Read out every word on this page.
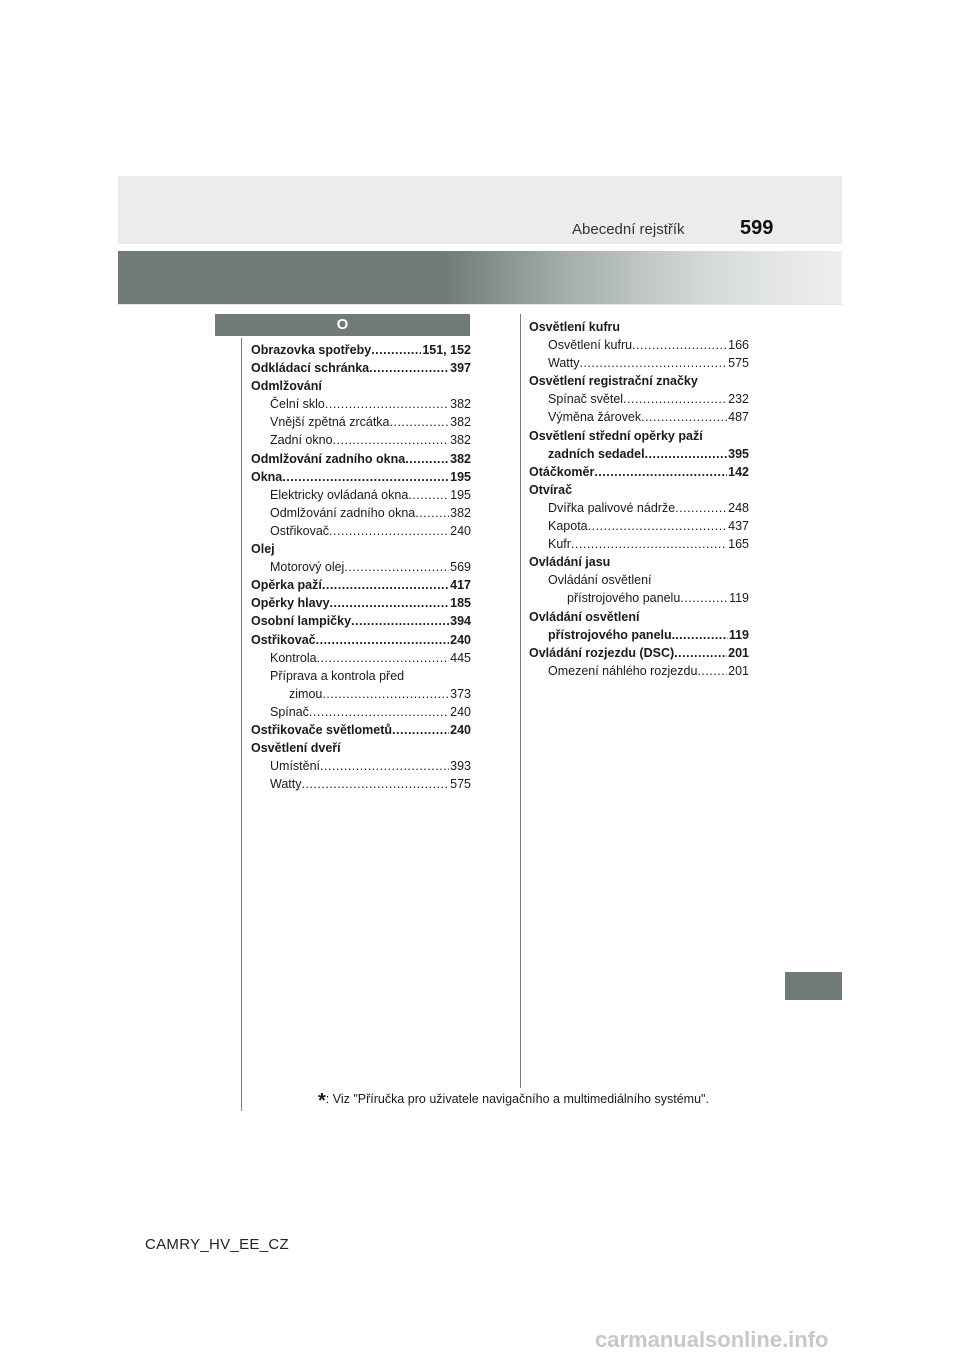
Abecední rejstřík	599
O
Obrazovka spotřeby .....	151, 152
Odkládací schránka .....	397
Odmlžování
Čelní sklo .....	382
Vnější zpětná zrcátka .....	382
Zadní okno .....	382
Odmlžování zadního okna .....	382
Okna .....	195
Elektricky ovládaná okna .....	195
Odmlžování zadního okna .....	382
Ostřikovač .....	240
Olej
Motorový olej .....	569
Opěrka paží .....	417
Opěrky hlavy .....	185
Osobní lampičky .....	394
Ostřikovač .....	240
Kontrola .....	445
Příprava a kontrola před
zimou .....	373
Spínač .....	240
Ostřikovače světlometů .....	240
Osvětlení dveří
Umístění .....	393
Watty .....	575
Osvětlení kufru
Osvětlení kufru .....	166
Watty .....	575
Osvětlení registrační značky
Spínač světel .....	232
Výměna žárovek .....	487
Osvětlení střední opěrky paží
zadních sedadel .....	395
Otáčkoměr .....	142
Otvírač
Dvířka palivové nádrže .....	248
Kapota .....	437
Kufr .....	165
Ovládání jasu
Ovládání osvětlení
přístrojového panelu .....	119
Ovládání osvětlení
přístrojového panelu. .....	119
Ovládání rozjezdu (DSC) .....	201
Omezení náhlého rozjezdu ..... 201
*: Viz "Příručka pro uživatele navigačního a multimediálního systému".
CAMRY_HV_EE_CZ
carmanualsonline.info
